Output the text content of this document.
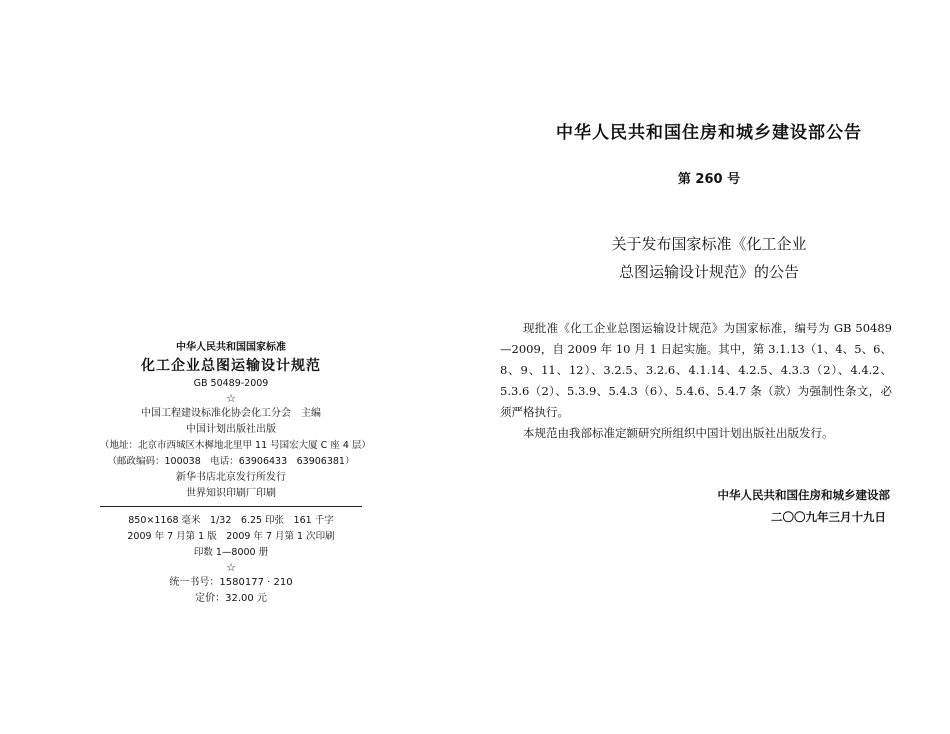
中华人民共和国国家标准
化工企业总图运输设计规范
GB 50489-2009
☆
中国工程建设标准化协会化工分会　主编
中国计划出版社出版
（地址：北京市西城区木樨地北里甲 11 号国宏大厦 C 座 4 层）
（邮政编码：100038　电话：63906433　63906381）
新华书店北京发行所发行
世界知识印刷厂印刷
850×1168 毫米　1/32　6.25 印张　161 千字
2009 年 7 月第 1 版　2009 年 7 月第 1 次印刷
印数 1—8000 册
☆
统一书号：1580177 · 210
定价：32.00 元
中华人民共和国住房和城乡建设部公告
第 260 号
关于发布国家标准《化工企业
总图运输设计规范》的公告

现批准《化工企业总图运输设计规范》为国家标准，编号为 GB 50489—2009，自 2009 年 10 月 1 日起实施。其中，第 3.1.13（1、4、5、6、8、9、11、12）、3.2.5、3.2.6、4.1.14、4.2.5、4.3.3（2）、4.4.2、5.3.6（2）、5.3.9、5.4.3（6）、5.4.6、5.4.7 条（款）为强制性条文，必须严格执行。

本规范由我部标准定额研究所组织中国计划出版社出版发行。

中华人民共和国住房和城乡建设部
二〇〇九年三月十九日
